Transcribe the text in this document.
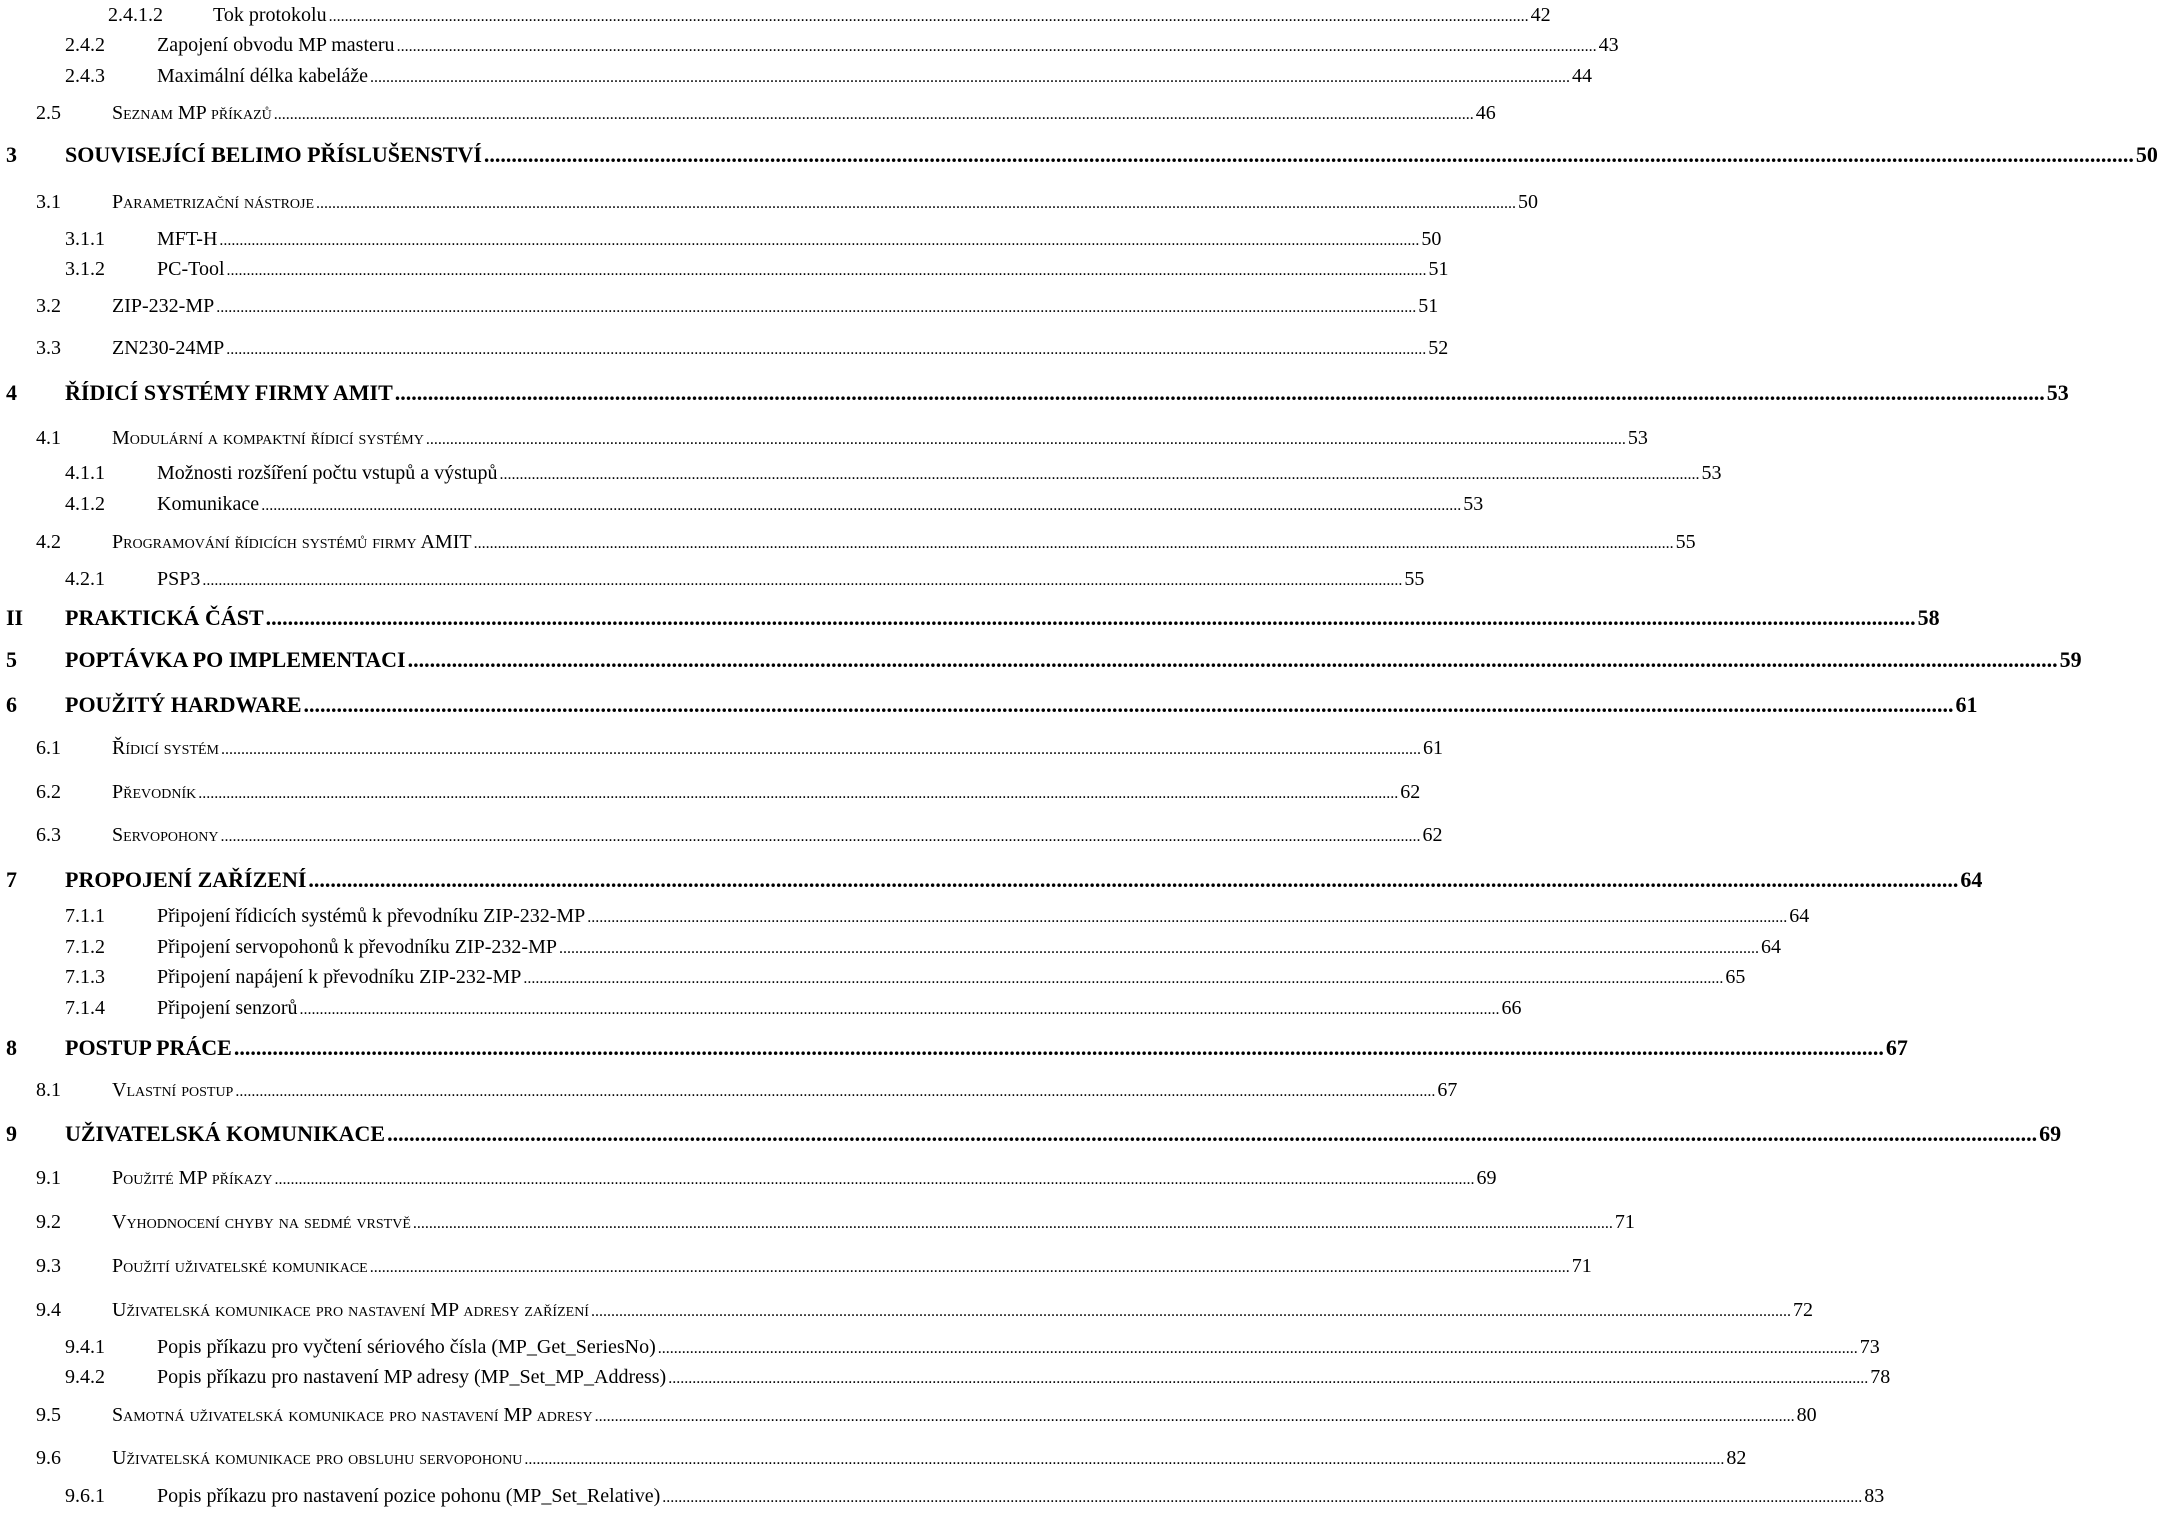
2.4.1.2	Tok protokolu ............................................................................................................................................................................................................................................................................................................ 42
2.4.2	Zapojení obvodu MP masteru ............................................................................................................................................................................................................................................................................................................ 43
2.4.3	Maximální délka kabeláže ............................................................................................................................................................................................................................................................................................................ 44
2.5	Seznam MP příkazů ............................................................................................................................................................................................................................................................................................................ 46
3 SOUVISEJÍCÍ BELIMO PŘÍSLUŠENSTVÍ ............................................................................................................................................................................................................................................................................................................ 50
3.1	Parametrizační nástroje ............................................................................................................................................................................................................................................................................................................ 50
3.1.1	MFT-H ............................................................................................................................................................................................................................................................................................................ 50
3.1.2	PC-Tool ............................................................................................................................................................................................................................................................................................................ 51
3.2	ZIP-232-MP ............................................................................................................................................................................................................................................................................................................ 51
3.3	ZN230-24MP ............................................................................................................................................................................................................................................................................................................ 52
4 ŘÍDICÍ SYSTÉMY FIRMY AMIT ............................................................................................................................................................................................................................................................................................................ 53
4.1	Modulární a kompaktní řídicí systémy ............................................................................................................................................................................................................................................................................................................ 53
4.1.1	Možnosti rozšíření počtu vstupů a výstupů ............................................................................................................................................................................................................................................................................................................ 53
4.1.2	Komunikace ............................................................................................................................................................................................................................................................................................................ 53
4.2	Programování řídicích systémů firmy AMIT ............................................................................................................................................................................................................................................................................................................ 55
4.2.1	PSP3 ............................................................................................................................................................................................................................................................................................................ 55
II PRAKTICKÁ ČÁST ............................................................................................................................................................................................................................................................................................................ 58
5 POPTÁVKA PO IMPLEMENTACI ............................................................................................................................................................................................................................................................................................................ 59
6 POUŽITÝ HARDWARE ............................................................................................................................................................................................................................................................................................................ 61
6.1	Řídicí systém ............................................................................................................................................................................................................................................................................................................ 61
6.2	Převodník ............................................................................................................................................................................................................................................................................................................ 62
6.3	Servopohony ............................................................................................................................................................................................................................................................................................................ 62
7 PROPOJENÍ ZAŘÍZENÍ ............................................................................................................................................................................................................................................................................................................ 64
7.1.1	Připojení řídicích systémů k převodníku ZIP-232-MP ............................................................................................................................................................................................................................................................................................................ 64
7.1.2	Připojení servopohonů k převodníku ZIP-232-MP ............................................................................................................................................................................................................................................................................................................ 64
7.1.3	Připojení napájení k převodníku ZIP-232-MP ............................................................................................................................................................................................................................................................................................................ 65
7.1.4	Připojení senzorů ............................................................................................................................................................................................................................................................................................................ 66
8 POSTUP PRÁCE ............................................................................................................................................................................................................................................................................................................ 67
8.1	Vlastní postup ............................................................................................................................................................................................................................................................................................................ 67
9 UŽIVATELSKÁ KOMUNIKACE ............................................................................................................................................................................................................................................................................................................ 69
9.1	Použité MP příkazy ............................................................................................................................................................................................................................................................................................................ 69
9.2	Vyhodnocení chyby na sedmé vrstvě ............................................................................................................................................................................................................................................................................................................ 71
9.3	Použití uživatelské komunikace ............................................................................................................................................................................................................................................................................................................ 71
9.4	Uživatelská komunikace pro nastavení MP adresy zařízení ............................................................................................................................................................................................................................................................................................................ 72
9.4.1	Popis příkazu pro vyčtení sériového čísla (MP_Get_SeriesNo) ............................................................................................................................................................................................................................................................................................................ 73
9.4.2	Popis příkazu pro nastavení MP adresy (MP_Set_MP_Address) ............................................................................................................................................................................................................................................................................................................ 78
9.5	Samotná uživatelská komunikace pro nastavení MP adresy ............................................................................................................................................................................................................................................................................................................ 80
9.6	Uživatelská komunikace pro obsluhu servopohonu ............................................................................................................................................................................................................................................................................................................ 82
9.6.1	Popis příkazu pro nastavení pozice pohonu (MP_Set_Relative) ............................................................................................................................................................................................................................................................................................................ 83
